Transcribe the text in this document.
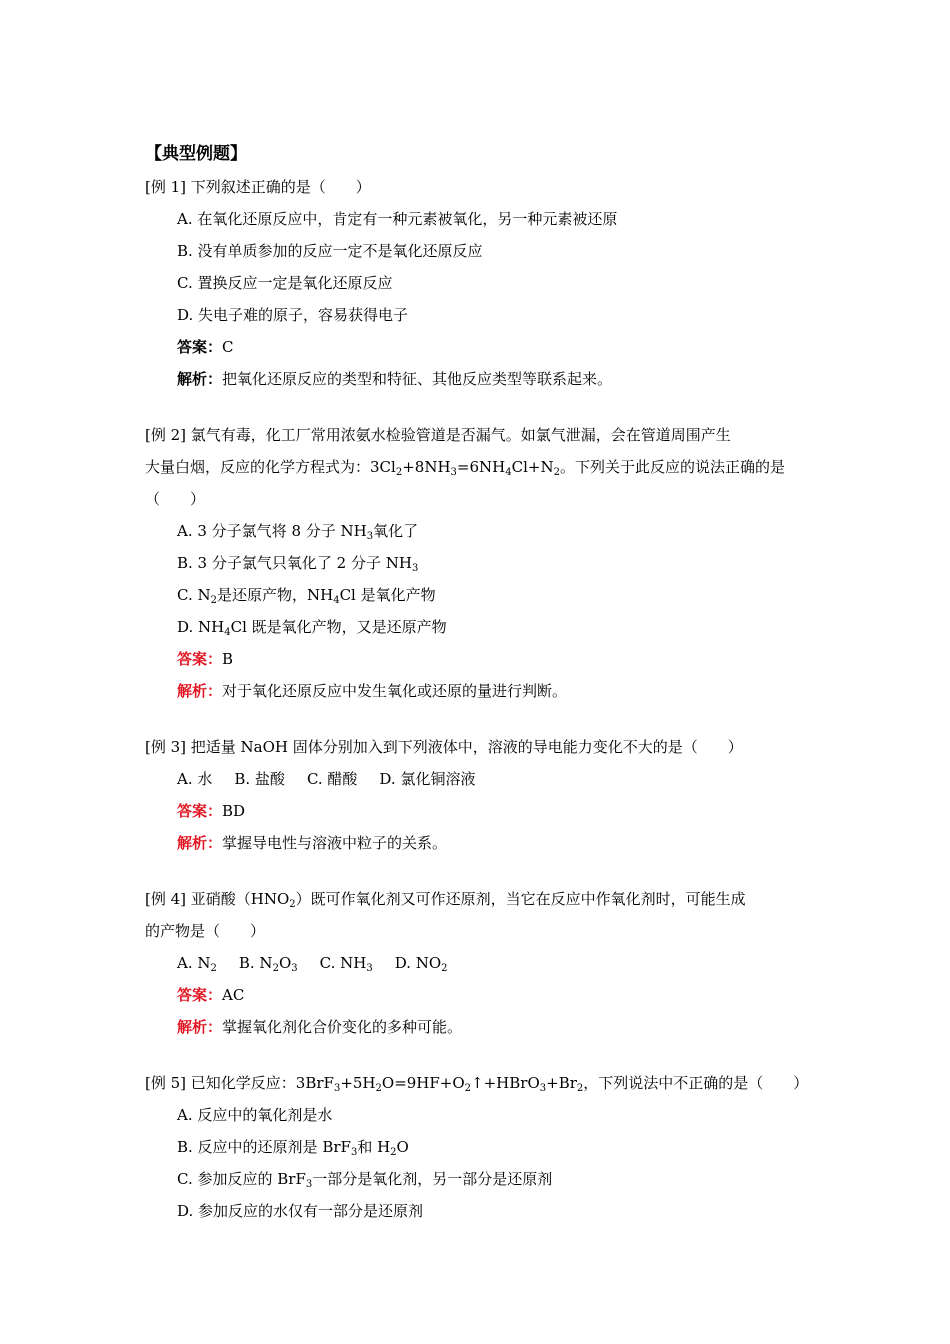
【典型例题】
[例 1] 下列叙述正确的是（　　）
A. 在氧化还原反应中，肯定有一种元素被氧化，另一种元素被还原
B. 没有单质参加的反应一定不是氧化还原反应
C. 置换反应一定是氧化还原反应
D. 失电子难的原子，容易获得电子
答案：C
解析：把氧化还原反应的类型和特征、其他反应类型等联系起来。
[例 2] 氯气有毒，化工厂常用浓氨水检验管道是否漏气。如氯气泄漏，会在管道周围产生
大量白烟，反应的化学方程式为：$3Cl_2+8NH_3=6NH_4Cl+N_2$。下列关于此反应的说法正确的是
（　　）
A. 3 分子氯气将 8 分子 $NH_3$氧化了
B. 3 分子氯气只氧化了 2 分子 $NH_3$
C. $N_2$是还原产物，$NH_4Cl$ 是氧化产物
D. $NH_4Cl$ 既是氧化产物，又是还原产物
答案：B
解析：对于氧化还原反应中发生氧化或还原的量进行判断。
[例 3] 把适量 NaOH 固体分别加入到下列液体中，溶液的导电能力变化不大的是（　　）
A. 水 B. 盐酸 C. 醋酸 D. 氯化铜溶液
答案：BD
解析：掌握导电性与溶液中粒子的关系。
[例 4] 亚硝酸$(HNO_2)$既可作氧化剂又可作还原剂，当它在反应中作氧化剂时，可能生成
的产物是（　　）
A. $N_2$ B. $N_2O_3$ C. $NH_3$ D. $NO_2$
答案：AC
解析：掌握氧化剂化合价变化的多种可能。
[例 5] 已知化学反应：$3BrF_3+5H_2O=9HF+O_2↑+HBrO_3+Br_2$，下列说法中不正确的是（　　）
A. 反应中的氧化剂是水
B. 反应中的还原剂是 BrF$_3$和 $H_2O$
C. 参加反应的 BrF$_3$一部分是氧化剂，另一部分是还原剂
D. 参加反应的水仅有一部分是还原剂
